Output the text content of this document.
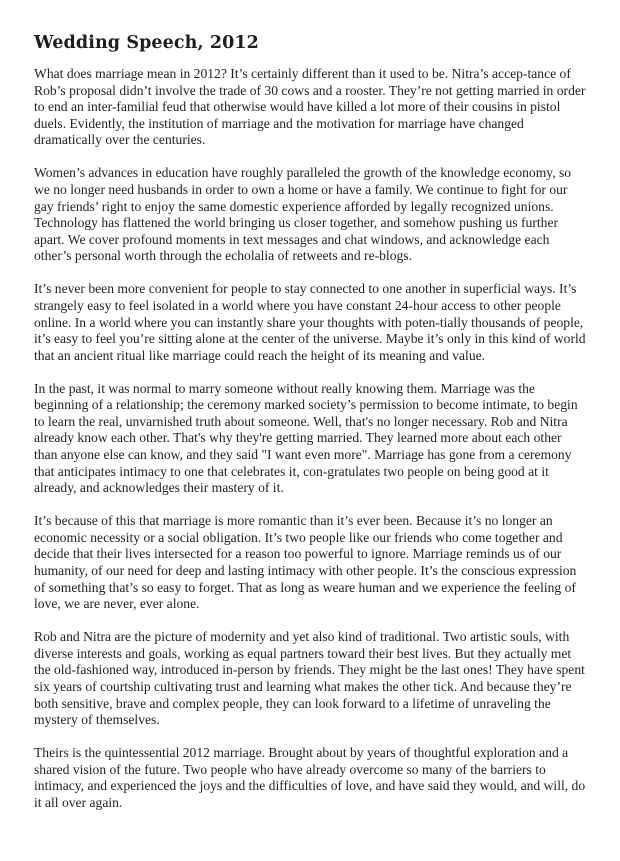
Wedding Speech, 2012

What does marriage mean in 2012? It’s certainly different than it used to be. Nitra’s accep-tance of Rob’s proposal didn’t involve the trade of 30 cows and a rooster. They’re not getting married in order to end an inter-familial feud that otherwise would have killed a lot more of their cousins in pistol duels. Evidently, the institution of marriage and the motivation for marriage have changed dramatically over the centuries.

Women’s advances in education have roughly paralleled the growth of the knowledge economy, so we no longer need husbands in order to own a home or have a family. We continue to fight for our gay friends’ right to enjoy the same domestic experience afforded by legally recognized unions. Technology has flattened the world bringing us closer together, and somehow pushing us further apart. We cover profound moments in text messages and chat windows, and acknowledge each other’s personal worth through the echolalia of retweets and re-blogs.

It’s never been more convenient for people to stay connected to one another in superficial ways. It’s strangely easy to feel isolated in a world where you have constant 24-hour access to other people online. In a world where you can instantly share your thoughts with poten-tially thousands of people, it’s easy to feel you’re sitting alone at the center of the universe. Maybe it’s only in this kind of world that an ancient ritual like marriage could reach the height of its meaning and value.

In the past, it was normal to marry someone without really knowing them. Marriage was the beginning of a relationship; the ceremony marked society’s permission to become intimate, to begin to learn the real, unvarnished truth about someone. Well, that's no longer necessary. Rob and Nitra already know each other. That's why they're getting married. They learned more about each other than anyone else can know, and they said "I want even more". Marriage has gone from a ceremony that anticipates intimacy to one that celebrates it, con-gratulates two people on being good at it already, and acknowledges their mastery of it.

It’s because of this that marriage is more romantic than it’s ever been. Because it’s no longer an economic necessity or a social obligation. It’s two people like our friends who come together and decide that their lives intersected for a reason too powerful to ignore. Marriage reminds us of our humanity, of our need for deep and lasting intimacy with other people. It’s the conscious expression of something that’s so easy to forget. That as long as weare human and we experience the feeling of love, we are never, ever alone.

Rob and Nitra are the picture of modernity and yet also kind of traditional. Two artistic souls, with diverse interests and goals, working as equal partners toward their best lives. But they actually met the old-fashioned way, introduced in-person by friends. They might be the last ones! They have spent six years of courtship cultivating trust and learning what makes the other tick. And because they’re both sensitive, brave and complex people, they can look forward to a lifetime of unraveling the mystery of themselves.

Theirs is the quintessential 2012 marriage. Brought about by years of thoughtful exploration and a shared vision of the future. Two people who have already overcome so many of the barriers to intimacy, and experienced the joys and the difficulties of love, and have said they would, and will, do it all over again.
